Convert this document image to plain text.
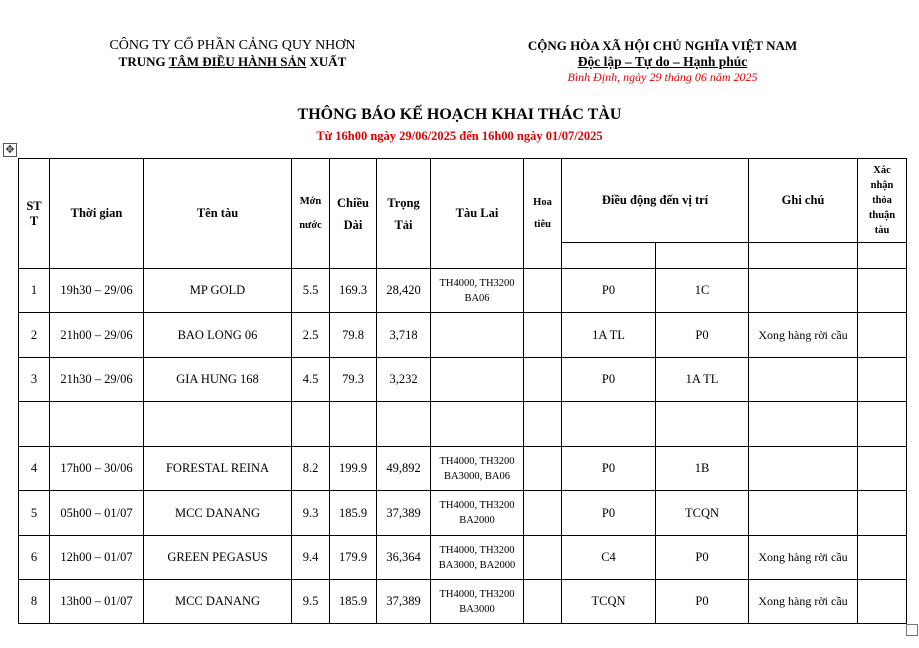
CÔNG TY CỔ PHẦN CẢNG QUY NHƠN
TRUNG TÂM ĐIỀU HÀNH SẢN XUẤT
CỘNG HÒA XÃ HỘI CHỦ NGHĨA VIỆT NAM
Độc lập – Tự do – Hạnh phúc
Bình Định, ngày 29 tháng 06 năm 2025
THÔNG BÁO KẾ HOẠCH KHAI THÁC TÀU
Từ 16h00 ngày 29/06/2025 đến 16h00 ngày 01/07/2025
✥
STT	Thời gian	Tên tàu	Mớn nước	Chiều Dài	Trọng Tải	Tàu Lai	Hoa tiêu	Điều động đến vị trí		Ghi chú	Xác nhận thỏa thuận tàu

1	19h30 – 29/06	MP GOLD	5.5	169.3	28,420	TH4000, TH3200
BA06		P0	1C		
2	21h00 – 29/06	BAO LONG 06	2.5	79.8	3,718			1A TL	P0	Xong hàng rời cầu	
3	21h30 – 29/06	GIA HUNG 168	4.5	79.3	3,232			P0	1A TL		

4	17h00 – 30/06	FORESTAL REINA	8.2	199.9	49,892	TH4000, TH3200
BA3000, BA06		P0	1B		
5	05h00 – 01/07	MCC DANANG	9.3	185.9	37,389	TH4000, TH3200
BA2000		P0	TCQN		
6	12h00 – 01/07	GREEN PEGASUS	9.4	179.9	36,364	TH4000, TH3200
BA3000, BA2000		C4	P0	Xong hàng rời cầu	
8	13h00 – 01/07	MCC DANANG	9.5	185.9	37,389	TH4000, TH3200
BA3000		TCQN	P0	Xong hàng rời cầu	
